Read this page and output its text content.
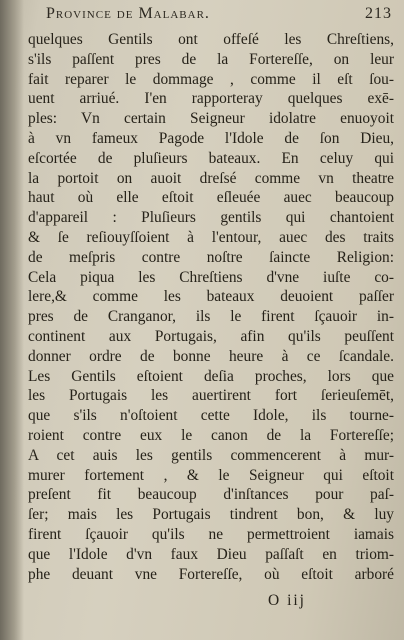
Province de Malabar.	213
quelques Gentils ont offeſé les Chreſtiens,
s'ils paſſent pres de la Forterеſſe, on leur
fait reparer le dommage , comme il eſt ſou-
uent arriué. I'en rapporteray quelques exē-
ples: Vn certain Seigneur idolatre enuoyoit
à vn fameux Pagode l'Idole de ſon Dieu,
eſcortée de pluſieurs bateaux. En celuy qui
la portoit on auoit dreſsé comme vn theatre
haut où elle eſtoit eſleuée auec beaucoup
d'appareil : Pluſieurs gentils qui chantoient
& ſe reſiouyſſoient à l'entour, auec des traits
de meſpris contre noſtre ſaincte Religion:
Cela piqua les Chreſtiens d'vne iuſte co-
lere,& comme les bateaux deuoient paſſer
pres de Cranganor, ils le firent ſçauoir in-
continent aux Portugais, afin qu'ils peuſſent
donner ordre de bonne heure à ce ſcandale.
Les Gentils eſtoient deſia proches, lors que
les Portugais les auertirent fort ſerieuſemēt,
que s'ils n'oſtoient cette Idole, ils tourne-
roient contre eux le canon de la Forterеſſe;
A cet auis les gentils commencerent à mur-
murer fortement , & le Seigneur qui eſtoit
preſent fit beaucoup d'inſtances pour paſ-
ſer; mais les Portugais tindrent bon, & luy
firent ſçauoir qu'ils ne permettroient iamais
que l'Idole d'vn faux Dieu paſſaſt en triom-
phe deuant vne Forterеſſe, où eſtoit arboré
O iij
